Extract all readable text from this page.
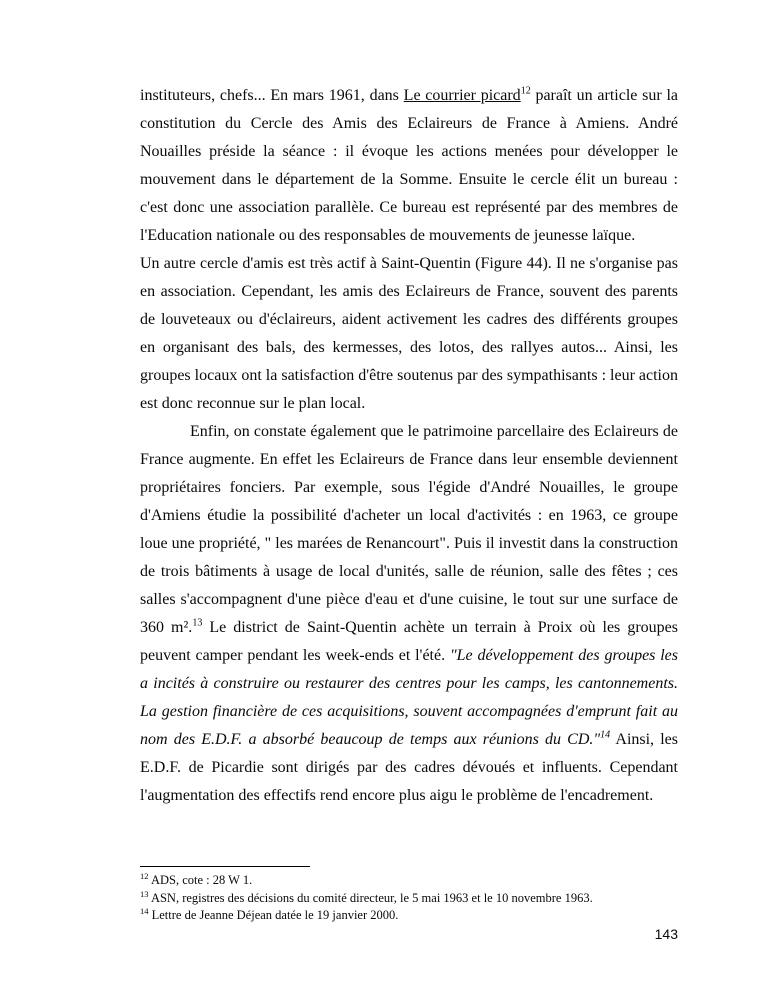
instituteurs, chefs... En mars 1961, dans Le courrier picard$^{12}$ paraît un article sur la constitution du Cercle des Amis des Eclaireurs de France à Amiens. André Nouailles préside la séance : il évoque les actions menées pour développer le mouvement dans le département de la Somme. Ensuite le cercle élit un bureau : c'est donc une association parallèle. Ce bureau est représenté par des membres de l'Education nationale ou des responsables de mouvements de jeunesse laïque.

Un autre cercle d'amis est très actif à Saint-Quentin (Figure 44). Il ne s'organise pas en association. Cependant, les amis des Eclaireurs de France, souvent des parents de louveteaux ou d'éclaireurs, aident activement les cadres des différents groupes en organisant des bals, des kermesses, des lotos, des rallyes autos... Ainsi, les groupes locaux ont la satisfaction d'être soutenus par des sympathisants : leur action est donc reconnue sur le plan local.

Enfin, on constate également que le patrimoine parcellaire des Eclaireurs de France augmente. En effet les Eclaireurs de France dans leur ensemble deviennent propriétaires fonciers. Par exemple, sous l'égide d'André Nouailles, le groupe d'Amiens étudie la possibilité d'acheter un local d'activités : en 1963, ce groupe loue une propriété, " les marées de Renancourt". Puis il investit dans la construction de trois bâtiments à usage de local d'unités, salle de réunion, salle des fêtes ; ces salles s'accompagnent d'une pièce d'eau et d'une cuisine, le tout sur une surface de 360 m².$^{13}$ Le district de Saint-Quentin achète un terrain à Proix où les groupes peuvent camper pendant les week-ends et l'été. "Le développement des groupes les a incités à construire ou restaurer des centres pour les camps, les cantonnements. La gestion financière de ces acquisitions, souvent accompagnées d'emprunt fait au nom des E.D.F. a absorbé beaucoup de temps aux réunions du CD."$^{14}$ Ainsi, les E.D.F. de Picardie sont dirigés par des cadres dévoués et influents. Cependant l'augmentation des effectifs rend encore plus aigu le problème de l'encadrement.

$^{12}$ ADS, cote : 28 W 1.

$^{13}$ ASN, registres des décisions du comité directeur, le 5 mai 1963 et le 10 novembre 1963.

$^{14}$ Lettre de Jeanne Déjean datée le 19 janvier 2000.

143
